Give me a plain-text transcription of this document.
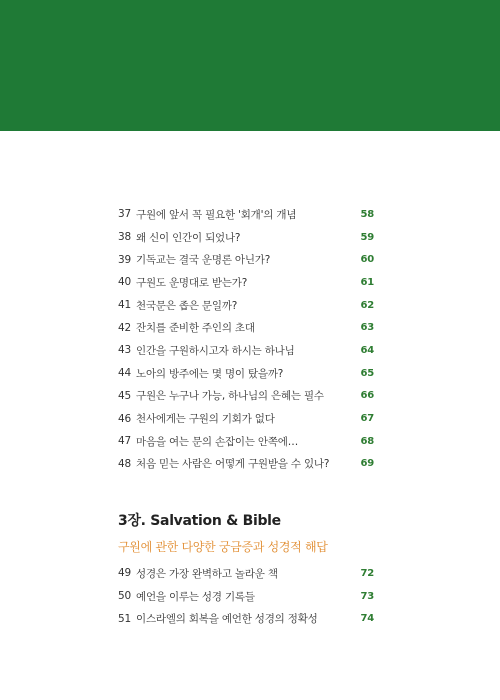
37 구원에 앞서 꼭 필요한 '회개'의 개념	58
38 왜 신이 인간이 되었나?	59
39 기독교는 결국 운명론 아닌가?	60
40 구원도 운명대로 받는가?	61
41 천국문은 좁은 문일까?	62
42 잔치를 준비한 주인의 초대	63
43 인간을 구원하시고자 하시는 하나님	64
44 노아의 방주에는 몇 명이 탔을까?	65
45 구원은 누구나 가능, 하나님의 은혜는 필수	66
46 천사에게는 구원의 기회가 없다	67
47 마음을 여는 문의 손잡이는 안쪽에…	68
48 처음 믿는 사람은 어떻게 구원받을 수 있나?	69
3장. Salvation & Bible
구원에 관한 다양한 궁금증과 성경적 해답
49 성경은 가장 완벽하고 놀라운 책	72
50 예언을 이루는 성경 기록들	73
51 이스라엘의 회복을 예언한 성경의 정확성	74
